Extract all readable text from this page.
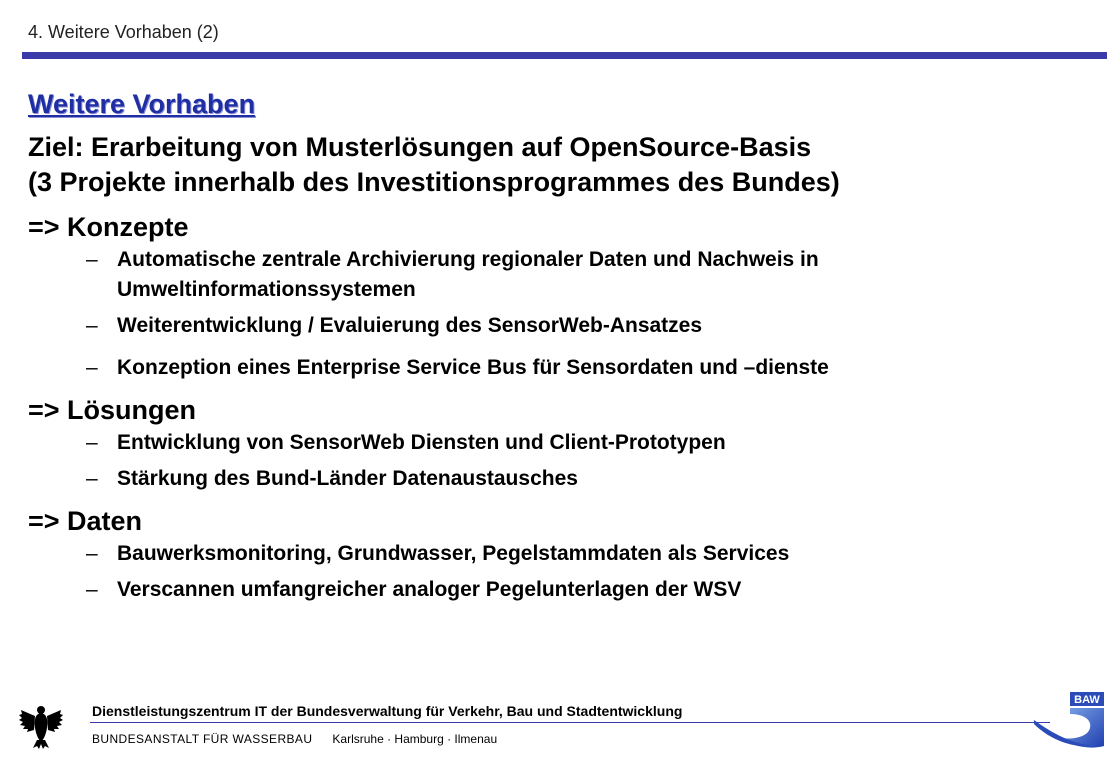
4. Weitere Vorhaben (2)
Weitere Vorhaben
Ziel: Erarbeitung von Musterlösungen auf OpenSource-Basis
(3 Projekte innerhalb des Investitionsprogrammes des Bundes)
=> Konzepte
– Automatische zentrale Archivierung regionaler Daten und Nachweis in Umweltinformationssystemen
– Weiterentwicklung / Evaluierung des SensorWeb-Ansatzes
– Konzeption eines Enterprise Service Bus für Sensordaten und –dienste
=> Lösungen
– Entwicklung von SensorWeb Diensten und Client-Prototypen
– Stärkung des Bund-Länder Datenaustausches
=> Daten
– Bauwerksmonitoring, Grundwasser, Pegelstammdaten als Services
– Verscannen umfangreicher analoger Pegelunterlagen der WSV
Dienstleistungszentrum IT der Bundesverwaltung für Verkehr, Bau und Stadtentwicklung
BUNDESANSTALT FÜR WASSERBAU Karlsruhe · Hamburg · Ilmenau
BAW
